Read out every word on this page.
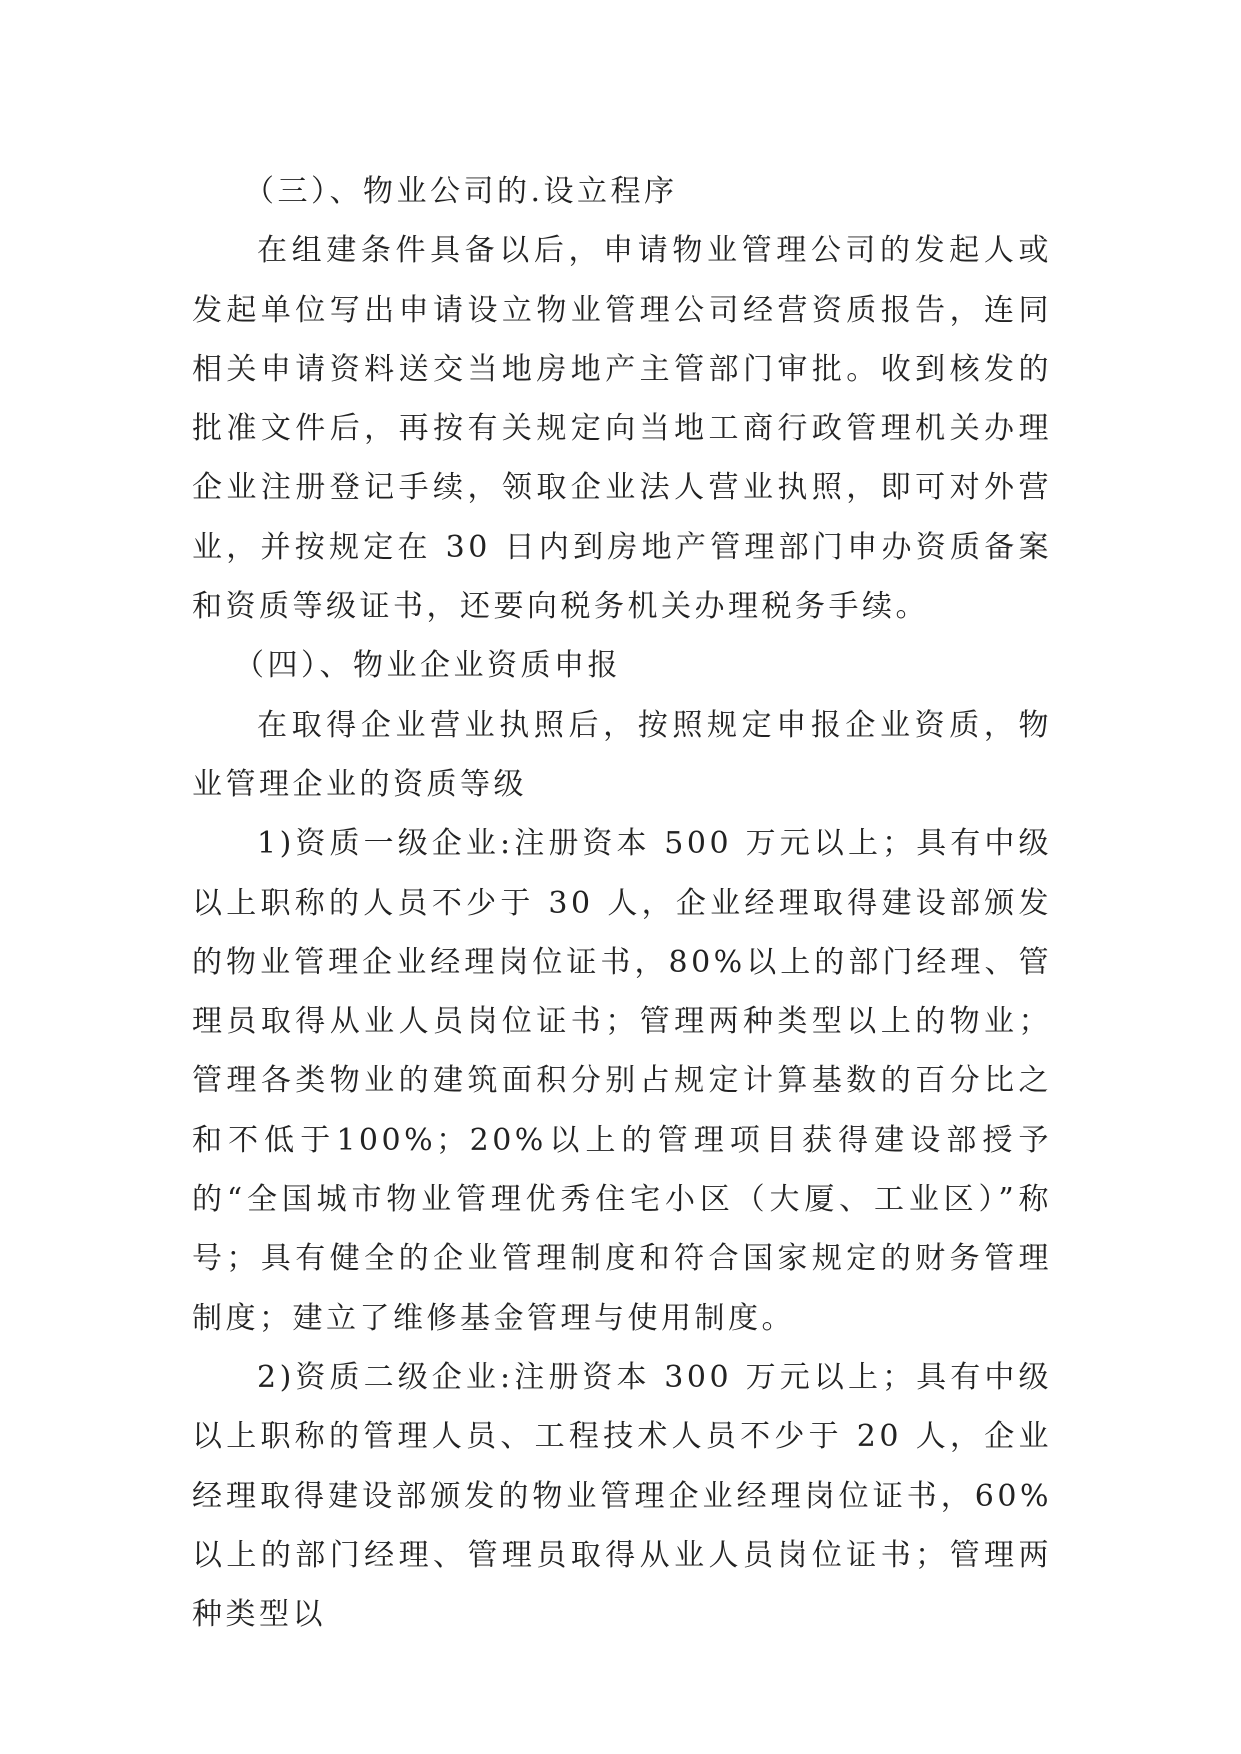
（三）、物业公司的.设立程序

在组建条件具备以后，申请物业管理公司的发起人或发起单位写出申请设立物业管理公司经营资质报告，连同相关申请资料送交当地房地产主管部门审批。收到核发的批准文件后，再按有关规定向当地工商行政管理机关办理企业注册登记手续，领取企业法人营业执照，即可对外营业，并按规定在 30 日内到房地产管理部门申办资质备案和资质等级证书，还要向税务机关办理税务手续。

（四）、物业企业资质申报

在取得企业营业执照后，按照规定申报企业资质，物业管理企业的资质等级

1)资质一级企业:注册资本 500 万元以上；具有中级以上职称的人员不少于 30 人，企业经理取得建设部颁发的物业管理企业经理岗位证书，80%以上的部门经理、管理员取得从业人员岗位证书；管理两种类型以上的物业；管理各类物业的建筑面积分别占规定计算基数的百分比之和不低于100%；20%以上的管理项目获得建设部授予的“全国城市物业管理优秀住宅小区（大厦、工业区）”称号；具有健全的企业管理制度和符合国家规定的财务管理制度；建立了维修基金管理与使用制度。

2)资质二级企业:注册资本 300 万元以上；具有中级以上职称的管理人员、工程技术人员不少于 20 人，企业经理取得建设部颁发的物业管理企业经理岗位证书，60%以上的部门经理、管理员取得从业人员岗位证书；管理两种类型以
